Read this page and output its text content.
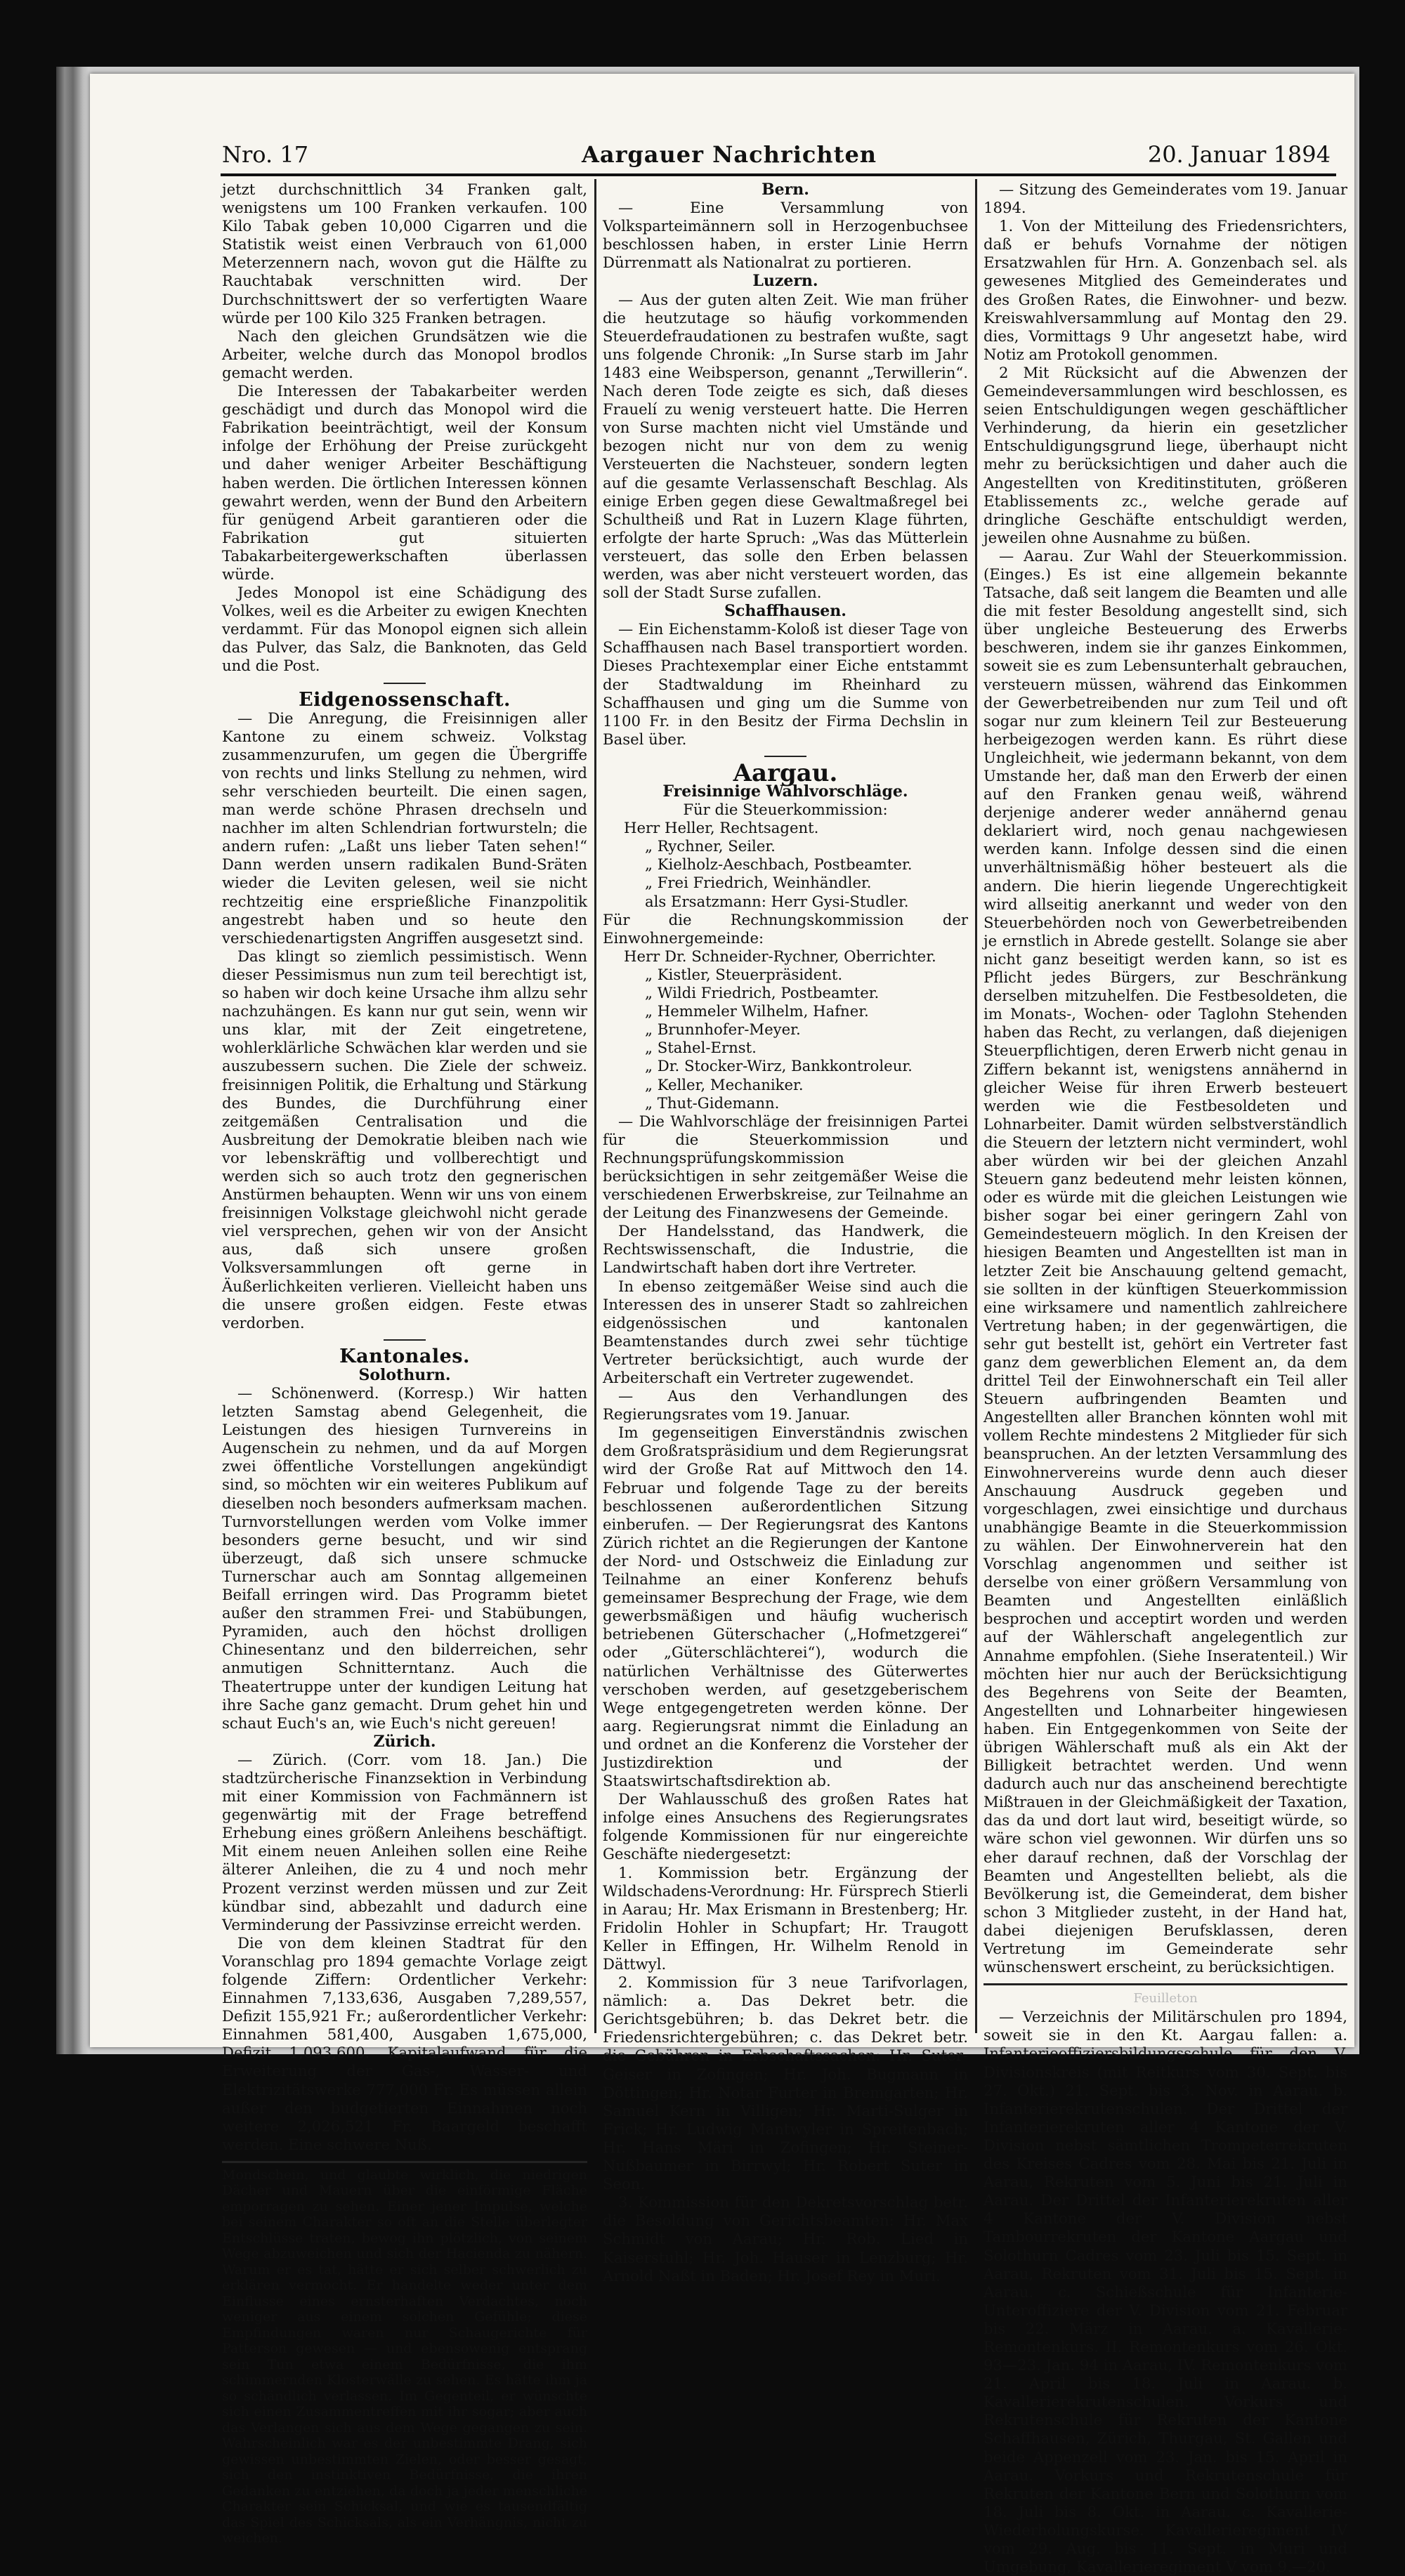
Nro. 17	Aargauer Nachrichten	20. Januar 1894

jetzt durchschnittlich 34 Franken galt, wenigstens um 100 Franken verkaufen. 100 Kilo Tabak geben 10,000 Cigarren und die Statistik weist einen Verbrauch von 61,000 Meterzennern nach, wovon gut die Hälfte zu Rauchtabak verschnitten wird. Der Durchschnittswert der so verfertigten Waare würde per 100 Kilo 325 Franken betragen.

Nach den gleichen Grundsätzen wie die Arbeiter, welche durch das Monopol brodlos gemacht werden.

Die Interessen der Tabakarbeiter werden geschädigt und durch das Monopol wird die Fabrikation beeinträchtigt, weil der Konsum infolge der Erhöhung der Preise zurückgeht und daher weniger Arbeiter Beschäftigung haben werden. Die örtlichen Interessen können gewahrt werden, wenn der Bund den Arbeitern für genügend Arbeit garantieren oder die Fabrikation gut situierten Tabakarbeitergewerkschaften überlassen würde.

Jedes Monopol ist eine Schädigung des Volkes, weil es die Arbeiter zu ewigen Knechten verdammt. Für das Monopol eignen sich allein das Pulver, das Salz, die Banknoten, das Geld und die Post.

Eidgenossenschaft.

— Die Anregung, die Freisinnigen aller Kantone zu einem schweiz. Volkstag zusammenzurufen, um gegen die Übergriffe von rechts und links Stellung zu nehmen, wird sehr verschieden beurteilt. Die einen sagen, man werde schöne Phrasen drechseln und nachher im alten Schlendrian fortwursteln; die andern rufen: „Laßt uns lieber Taten sehen!“ Dann werden unsern radikalen Bund-Sräten wieder die Leviten gelesen, weil sie nicht rechtzeitig eine ersprießliche Finanzpolitik angestrebt haben und so heute den verschiedenartigsten Angriffen ausgesetzt sind.

Das klingt so ziemlich pessimistisch. Wenn dieser Pessimismus nun zum teil berechtigt ist, so haben wir doch keine Ursache ihm allzu sehr nachzuhängen. Es kann nur gut sein, wenn wir uns klar, mit der Zeit eingetretene, wohlerklärliche Schwächen klar werden und sie auszubessern suchen. Die Ziele der schweiz. freisinnigen Politik, die Erhaltung und Stärkung des Bundes, die Durchführung einer zeitgemäßen Centralisation und die Ausbreitung der Demokratie bleiben nach wie vor lebenskräftig und vollberechtigt und werden sich so auch trotz den gegnerischen Anstürmen behaupten. Wenn wir uns von einem freisinnigen Volkstage gleichwohl nicht gerade viel versprechen, gehen wir von der Ansicht aus, daß sich unsere großen Volksversammlungen oft gerne in Äußerlichkeiten verlieren. Vielleicht haben uns die unsere großen eidgen. Feste etwas verdorben.

Kantonales.

Solothurn.

— Schönenwerd. (Korresp.) Wir hatten letzten Samstag abend Gelegenheit, die Leistungen des hiesigen Turnvereins in Augenschein zu nehmen, und da auf Morgen zwei öffentliche Vorstellungen angekündigt sind, so möchten wir ein weiteres Publikum auf dieselben noch besonders aufmerksam machen. Turnvorstellungen werden vom Volke immer besonders gerne besucht, und wir sind überzeugt, daß sich unsere schmucke Turnerschar auch am Sonntag allgemeinen Beifall erringen wird. Das Programm bietet außer den strammen Frei- und Stabübungen, Pyramiden, auch den höchst drolligen Chinesentanz und den bilderreichen, sehr anmutigen Schnitterntanz. Auch die Theatertruppe unter der kundigen Leitung hat ihre Sache ganz gemacht. Drum gehet hin und schaut Euch's an, wie Euch's nicht gereuen!

Zürich.

— Zürich. (Corr. vom 18. Jan.) Die stadtzürcherische Finanzsektion in Verbindung mit einer Kommission von Fachmännern ist gegenwärtig mit der Frage betreffend Erhebung eines größern Anleihens beschäftigt. Mit einem neuen Anleihen sollen eine Reihe älterer Anleihen, die zu 4 und noch mehr Prozent verzinst werden müssen und zur Zeit kündbar sind, abbezahlt und dadurch eine Verminderung der Passivzinse erreicht werden.

Die von dem kleinen Stadtrat für den Voranschlag pro 1894 gemachte Vorlage zeigt folgende Ziffern: Ordentlicher Verkehr: Einnahmen 7,133,636, Ausgaben 7,289,557, Defizit 155,921 Fr.; außerordentlicher Verkehr: Einnahmen 581,400, Ausgaben 1,675,000, Defizit 1,093,600. Kapitalaufwand für die Erweiterung der Gas-, Wasser- und Elektrizitätswerke 777,000 Fr. Es müssen allein außer den budgetierten Einnahmen noch weitere 2,026,521 Fr. Baargeld beschafft werden. Eine schwere Nuß.

Mondschein, und glaubte wirklich, die niedrigen Dächer und Mauern über die einförmige Fläche emporragen zu sehen. Einer jener Impulse, welche bei seinem Charakter so oft an die Stelle überlegter Entschlüsse traten, bewog ihn plötzlich, von seinem Wege abzuweichen und sich der Hacienda zu nähern. Warum er es tat, hätte er sich selber schwerlich zu erklären vermocht. Er handelte weder unter dem Einflusse eines ernsterhaften Verdachtes, noch weniger aus einem solchen Gefühle; diese Empfindungen waren nur Schaugerichte für Patterson gewesen — und ebensowenig entsprang sein Tun etwa einem Bedürfnisse, die ihm schimmernden Klosterwälle zu sehen. Es hätte ihm ja so schändlich verlassen. Im Gegenteil, er wünschte sich einen Zusammentreffen mit ihr sogar; aber auch das Verlangen sich aus dem Wege gegangen zu sein. Wahrscheinlich war es der unbestimmte Drang, sich gewissen unbestimmten Zielen, oder besser gesagt, sich den instinktiven Bedürfnisse, die ihren Gedanken zu entziehen, da doch ja jeder menschliche Charakter sein Schicksal, und wie es tausendfältig das Spiel des Schicksals, als ein Verhängnis, nicht zu weichen.

Bern.

— Eine Versammlung von Volksparteimännern soll in Herzogenbuchsee beschlossen haben, in erster Linie Herrn Dürrenmatt als Nationalrat zu portieren.

Luzern.

— Aus der guten alten Zeit. Wie man früher die heutzutage so häufig vorkommenden Steuerdefraudationen zu bestrafen wußte, sagt uns folgende Chronik: „In Surse starb im Jahr 1483 eine Weibsperson, genannt „Terwillerin“. Nach deren Tode zeigte es sich, daß dieses Frauelí zu wenig versteuert hatte. Die Herren von Surse machten nicht viel Umstände und bezogen nicht nur von dem zu wenig Versteuerten die Nachsteuer, sondern legten auf die gesamte Verlassenschaft Beschlag. Als einige Erben gegen diese Gewaltmaßregel bei Schultheiß und Rat in Luzern Klage führten, erfolgte der harte Spruch: „Was das Mütterlein versteuert, das solle den Erben belassen werden, was aber nicht versteuert worden, das soll der Stadt Surse zufallen.

Schaffhausen.

— Ein Eichenstamm-Koloß ist dieser Tage von Schaffhausen nach Basel transportiert worden. Dieses Prachtexemplar einer Eiche entstammt der Stadtwaldung im Rheinhard zu Schaffhausen und ging um die Summe von 1100 Fr. in den Besitz der Firma Dechslin in Basel über.

Aargau.

Freisinnige Wahlvorschläge.

Für die Steuerkommission:

Herr Heller, Rechtsagent.

„ Rychner, Seiler.

„ Kielholz-Aeschbach, Postbeamter.

„ Frei Friedrich, Weinhändler.

als Ersatzmann: Herr Gysi-Studler.

Für die Rechnungskommission der Einwohnergemeinde:

Herr Dr. Schneider-Rychner, Oberrichter.

„ Kistler, Steuerpräsident.

„ Wildi Friedrich, Postbeamter.

„ Hemmeler Wilhelm, Hafner.

„ Brunnhofer-Meyer.

„ Stahel-Ernst.

„ Dr. Stocker-Wirz, Bankkontroleur.

„ Keller, Mechaniker.

„ Thut-Gidemann.

— Die Wahlvorschläge der freisinnigen Partei für die Steuerkommission und Rechnungsprüfungskommission berücksichtigen in sehr zeitgemäßer Weise die verschiedenen Erwerbskreise, zur Teilnahme an der Leitung des Finanzwesens der Gemeinde.

Der Handelsstand, das Handwerk, die Rechtswissenschaft, die Industrie, die Landwirtschaft haben dort ihre Vertreter.

In ebenso zeitgemäßer Weise sind auch die Interessen des in unserer Stadt so zahlreichen eidgenössischen und kantonalen Beamtenstandes durch zwei sehr tüchtige Vertreter berücksichtigt, auch wurde der Arbeiterschaft ein Vertreter zugewendet.

— Aus den Verhandlungen des Regierungsrates vom 19. Januar.

Im gegenseitigen Einverständnis zwischen dem Großratspräsidium und dem Regierungsrat wird der Große Rat auf Mittwoch den 14. Februar und folgende Tage zu der bereits beschlossenen außerordentlichen Sitzung einberufen. — Der Regierungsrat des Kantons Zürich richtet an die Regierungen der Kantone der Nord- und Ostschweiz die Einladung zur Teilnahme an einer Konferenz behufs gemeinsamer Besprechung der Frage, wie dem gewerbsmäßigen und häufig wucherisch betriebenen Güterschacher („Hofmetzgerei“ oder „Güterschlächterei“), wodurch die natürlichen Verhältnisse des Güterwertes verschoben werden, auf gesetzgeberischem Wege entgegengetreten werden könne. Der aarg. Regierungsrat nimmt die Einladung an und ordnet an die Konferenz die Vorsteher der Justizdirektion und der Staatswirtschaftsdirektion ab.

Der Wahlausschuß des großen Rates hat infolge eines Ansuchens des Regierungsrates folgende Kommissionen für nur eingereichte Geschäfte niedergesetzt:

1. Kommission betr. Ergänzung der Wildschadens-Verordnung: Hr. Fürsprech Stierli in Aarau; Hr. Max Erismann in Brestenberg; Hr. Fridolin Hohler in Schupfart; Hr. Traugott Keller in Effingen, Hr. Wilhelm Renold in Dättwyl.

2. Kommission für 3 neue Tarifvorlagen, nämlich: a. Das Dekret betr. die Gerichtsgebühren; b. das Dekret betr. die Friedensrichtergebühren; c. das Dekret betr. die Gebühren in Erbschaftssachen: Hr. Suter-Geiser in Zofingen; Hr. Joh. Bugmann in Döttingen; Hr. Notar Furter in Bremgarten; Hr. Samuel Kern in Villigen; Hr. Marti-Sulger in Frick; Hr. Ludwig Mantwyler in Spreitenbach; Hr. Hans Märi in Zofingen; Hr. Steiner-Nußbaumer in Birrwyl; Hr. Robert Suter in Seon.

3. Kommission für den Dekretsvorschlag betr. die Besoldung von Gerichtsbeamten: Hr. Max Schmidt von Aarau; Hr. Rob. Lied in Kaiserstuhl; Hr. Joh. Hauser in Lenzburg; Hr. Arnold Naßt in Baden; Hr. Josef Rey in Muri.

— Sitzung des Gemeinderates vom 19. Januar 1894.

1. Von der Mitteilung des Friedensrichters, daß er behufs Vornahme der nötigen Ersatzwahlen für Hrn. A. Gonzenbach sel. als gewesenes Mitglied des Gemeinderates und des Großen Rates, die Einwohner- und bezw. Kreiswahlversammlung auf Montag den 29. dies, Vormittags 9 Uhr angesetzt habe, wird Notiz am Protokoll genommen.

2 Mit Rücksicht auf die Abwenzen der Gemeindeversammlungen wird beschlossen, es seien Entschuldigungen wegen geschäftlicher Verhinderung, da hierin ein gesetzlicher Entschuldigungsgrund liege, überhaupt nicht mehr zu berücksichtigen und daher auch die Angestellten von Kreditinstituten, größeren Etablissements zc., welche gerade auf dringliche Geschäfte entschuldigt werden, jeweilen ohne Ausnahme zu büßen.

— Aarau. Zur Wahl der Steuerkommission. (Einges.) Es ist eine allgemein bekannte Tatsache, daß seit langem die Beamten und alle die mit fester Besoldung angestellt sind, sich über ungleiche Besteuerung des Erwerbs beschweren, indem sie ihr ganzes Einkommen, soweit sie es zum Lebensunterhalt gebrauchen, versteuern müssen, während das Einkommen der Gewerbetreibenden nur zum Teil und oft sogar nur zum kleinern Teil zur Besteuerung herbeigezogen werden kann. Es rührt diese Ungleichheit, wie jedermann bekannt, von dem Umstande her, daß man den Erwerb der einen auf den Franken genau weiß, während derjenige anderer weder annähernd genau deklariert wird, noch genau nachgewiesen werden kann. Infolge dessen sind die einen unverhältnismäßig höher besteuert als die andern. Die hierin liegende Ungerechtigkeit wird allseitig anerkannt und weder von den Steuerbehörden noch von Gewerbetreibenden je ernstlich in Abrede gestellt. Solange sie aber nicht ganz beseitigt werden kann, so ist es Pflicht jedes Bürgers, zur Beschränkung derselben mitzuhelfen. Die Festbesoldeten, die im Monats-, Wochen- oder Taglohn Stehenden haben das Recht, zu verlangen, daß diejenigen Steuerpflichtigen, deren Erwerb nicht genau in Ziffern bekannt ist, wenigstens annähernd in gleicher Weise für ihren Erwerb besteuert werden wie die Festbesoldeten und Lohnarbeiter. Damit würden selbstverständlich die Steuern der letztern nicht vermindert, wohl aber würden wir bei der gleichen Anzahl Steuern ganz bedeutend mehr leisten können, oder es würde mit die gleichen Leistungen wie bisher sogar bei einer geringern Zahl von Gemeindesteuern möglich. In den Kreisen der hiesigen Beamten und Angestellten ist man in letzter Zeit bie Anschauung geltend gemacht, sie sollten in der künftigen Steuerkommission eine wirksamere und namentlich zahlreichere Vertretung haben; in der gegenwärtigen, die sehr gut bestellt ist, gehört ein Vertreter fast ganz dem gewerblichen Element an, da dem drittel Teil der Einwohnerschaft ein Teil aller Steuern aufbringenden Beamten und Angestellten aller Branchen könnten wohl mit vollem Rechte mindestens 2 Mitglieder für sich beanspruchen. An der letzten Versammlung des Einwohnervereins wurde denn auch dieser Anschauung Ausdruck gegeben und vorgeschlagen, zwei einsichtige und durchaus unabhängige Beamte in die Steuerkommission zu wählen. Der Einwohnerverein hat den Vorschlag angenommen und seither ist derselbe von einer größern Versammlung von Beamten und Angestellten einläßlich besprochen und acceptirt worden und werden auf der Wählerschaft angelegentlich zur Annahme empfohlen. (Siehe Inseratenteil.) Wir möchten hier nur auch der Berücksichtigung des Begehrens von Seite der Beamten, Angestellten und Lohnarbeiter hingewiesen haben. Ein Entgegenkommen von Seite der übrigen Wählerschaft muß als ein Akt der Billigkeit betrachtet werden. Und wenn dadurch auch nur das anscheinend berechtigte Mißtrauen in der Gleichmäßigkeit der Taxation, das da und dort laut wird, beseitigt würde, so wäre schon viel gewonnen. Wir dürfen uns so eher darauf rechnen, daß der Vorschlag der Beamten und Angestellten beliebt, als die Bevölkerung ist, die Gemeinderat, dem bisher schon 3 Mitglieder zusteht, in der Hand hat, dabei diejenigen Berufsklassen, deren Vertretung im Gemeinderate sehr wünschenswert erscheint, zu berücksichtigen.

Feuilleton

— Verzeichnis der Militärschulen pro 1894, soweit sie in den Kt. Aargau fallen: a. Infanterieoffiziersbildungsschule für den V. Divisionskreis (mit Reitkurs vom 30. Sept. bis 27. Okt.) 21. Sept. bis 3. Nov. in Aarau. b. Infanterierekrutenschulen. Der Drittel der Infanterierekruten aller 4 Kantone der V. Division nebst sämtlichen Trompeterrekruten des Kreises Cadres vom 28. Mai bis 21. Juli in Aarau, Rekruten vom 5. Juni bis 21. Juli in Aarau. Der Drittel der Infanterierekruten aller 4 Kantone der V. Division nebst Tambourrekruten der Kantone Aargau und Solothurn Cadres vom 23. Juli bis 15. Sept. in Aarau, Rekruten vom 31. Juli bis 15. Sept. in Aarau. c. Schießschule für Infanterie-Unteroffiziere der V. Division vom 21. Februar bis 22. März in Aarau. a. Kavallerie-Remontenkurs. II. Remontenkurs vom 26. Okt. 93—23. Jan. 94 in Aarau, IV. Remontenkurs vom 21. April bis 18. Juli in Aarau. b. Kavallerierekrutenschulen. Vorkurs und Rekrutenschule für Rekruten der Kantone Schaffhausen, Zürich, Thurgau, St. Gallen und beide Appenzell vom 23. Jan. bis 15. April in Aarau. Vorkurs und Rekrutenschule für Rekruten der Kantone Bern und Solothurn vom 18. Juli bis 8. Okt. in Aarau. c. Kavallerie-Wiederholungskurse. Kavallerieregiment IV vom 29. Aug. bis 11. Sept. in Muri und Umgebung, Kavallerieregiment V vom 9.—20.
